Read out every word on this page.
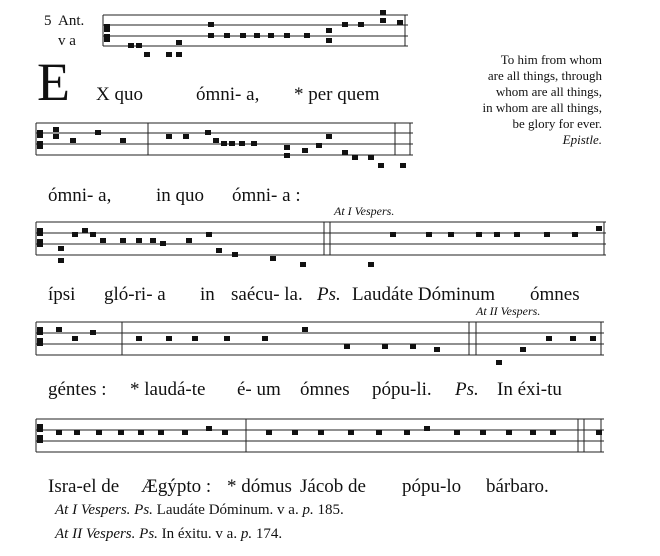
5 Ant.
v a
E
At I Vespers.
At II Vespers.
X quo	ómni- a, * per quem
To him from whom
are all things, through
whom are all things,
in whom are all things,
be glory for ever.
Epistle.
ómni- a, in quo ómni- a :
ípsi gló-ri- a in saécu- la. Ps. Laudáte Dóminum ómnes
géntes : * laudá-te é- um ómnes pópu-li. Ps. In éxi-tu
Isra-el de Ægýpto : * dómus Jácob de pópu-lo bárbaro.
At I Vespers. Ps. Laudáte Dóminum. v a. p. 185.
At II Vespers. Ps. In éxitu. v a. p. 174.
